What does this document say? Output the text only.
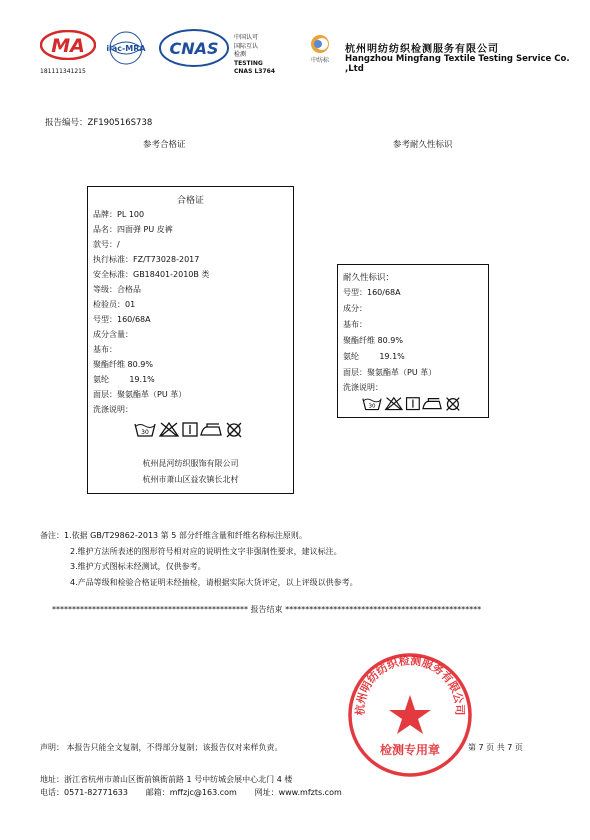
MA
181111341215
ilac-MRA CNAS
中国认可
国际互认
检测
TESTING
CNAS L3764
中纺标
杭州明纺纺织检测服务有限公司
Hangzhou Mingfang Textile Testing Service Co. ,Ltd
报告编号：ZF190516S738
参考合格证	参考耐久性标识
合格证
品牌：PL 100
品名：四面弹 PU 皮裤
款号：/
执行标准：FZ/T73028-2017
安全标准：GB18401-2010B 类
等级：合格品
检验员：01
号型：160/68A
成分含量：
基布：
聚酯纤维 80.9%
氨纶        19.1%
面层：聚氨酯革（PU 革）
洗涤说明：
30
杭州昆河纺织服饰有限公司
杭州市萧山区益农镇长北村
耐久性标识：
号型：160/68A
成分：
基布：
聚酯纤维 80.9%
氨纶        19.1%
面层：聚氨酯革（PU 革）
洗涤说明：
30
备注：1.依据 GB/T29862-2013 第 5 部分纤维含量和纤维名称标注原则。
2.维护方法所表述的图形符号相对应的说明性文字非强制性要求，建议标注。
3.维护方式图标未经测试，仅供参考。
4.产品等级和检验合格证明未经抽检，请根据实际大货评定，以上评级以供参考。
************************************************* 报告结束 *************************************************
杭州明纺纺织检测服务有限公司
检测专用章
声明： 本报告只能全文复制，不得部分复制；该报告仅对来样负责。	第 7 页 共 7 页
地址：浙江省杭州市萧山区衙前镇衙前路 1 号中纺城会展中心北门 4 楼
电话：0571-82771633       邮箱：mffzjc@163.com       网址：www.mfzts.com
